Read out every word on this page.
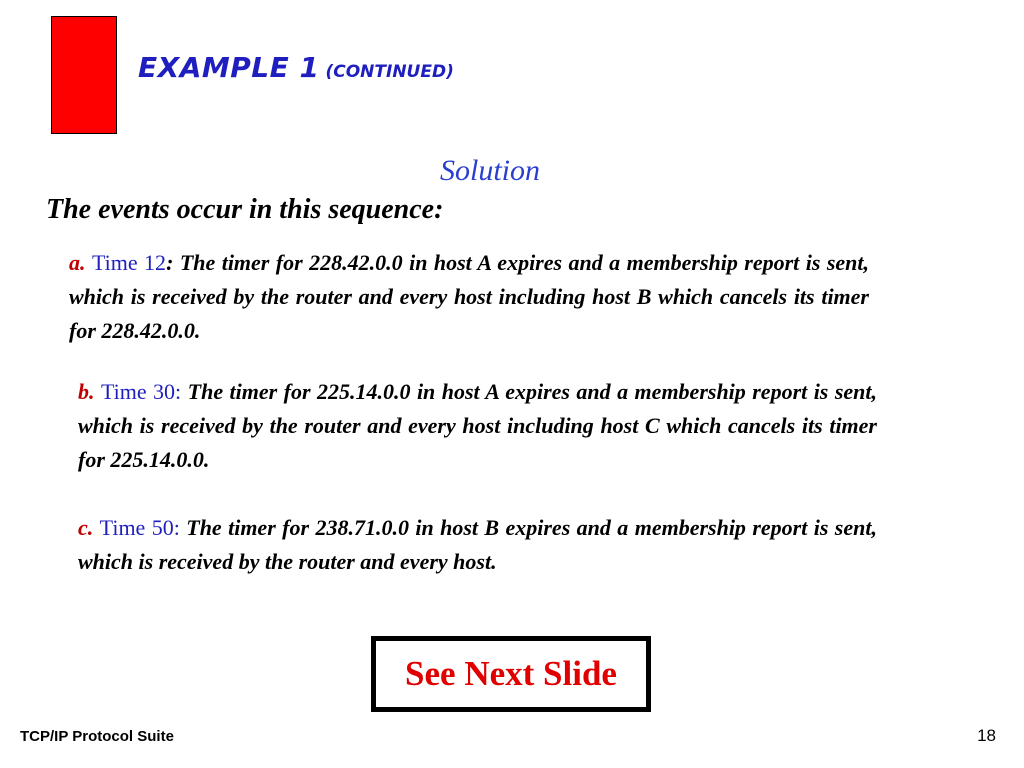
EXAMPLE 1 (CONTINUED)
Solution
The events occur in this sequence:

a. Time 12: The timer for 228.42.0.0 in host A expires and a membership report is sent, which is received by the router and every host including host B which cancels its timer for 228.42.0.0.

b. Time 30: The timer for 225.14.0.0 in host A expires and a membership report is sent, which is received by the router and every host including host C which cancels its timer for 225.14.0.0.

c. Time 50: The timer for 238.71.0.0 in host B expires and a membership report is sent, which is received by the router and every host.

See Next Slide
TCP/IP Protocol Suite	18
